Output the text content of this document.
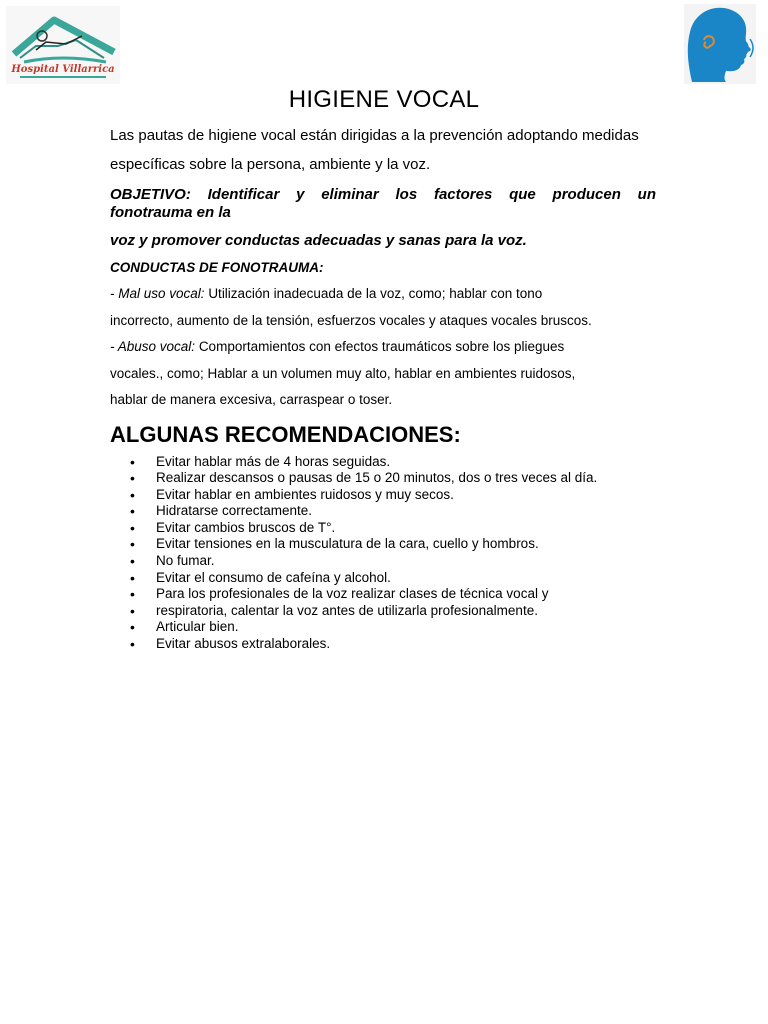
Hospital Villarrica
HIGIENE VOCAL

Las pautas de higiene vocal están dirigidas a la prevención adoptando medidas
específicas sobre la persona, ambiente y la voz.

OBJETIVO: Identificar y eliminar los factores que producen un

fonotrauma en la

voz y promover conductas adecuadas y sanas para la voz.

CONDUCTAS DE FONOTRAUMA:

- Mal uso vocal: Utilización inadecuada de la voz, como; hablar con tono
incorrecto, aumento de la tensión, esfuerzos vocales y ataques vocales bruscos.

- Abuso vocal: Comportamientos con efectos traumáticos sobre los pliegues
vocales., como; Hablar a un volumen muy alto, hablar en ambientes ruidosos,
hablar de manera excesiva, carraspear o toser.

ALGUNAS RECOMENDACIONES:

• Evitar hablar más de 4 horas seguidas.
• Realizar descansos o pausas de 15 o 20 minutos, dos o tres veces al día.
• Evitar hablar en ambientes ruidosos y muy secos.
• Hidratarse correctamente.
• Evitar cambios bruscos de T°.
• Evitar tensiones en la musculatura de la cara, cuello y hombros.
• No fumar.
• Evitar el consumo de cafeína y alcohol.
• Para los profesionales de la voz realizar clases de técnica vocal y
• respiratoria, calentar la voz antes de utilizarla profesionalmente.
• Articular bien.
• Evitar abusos extralaborales.
